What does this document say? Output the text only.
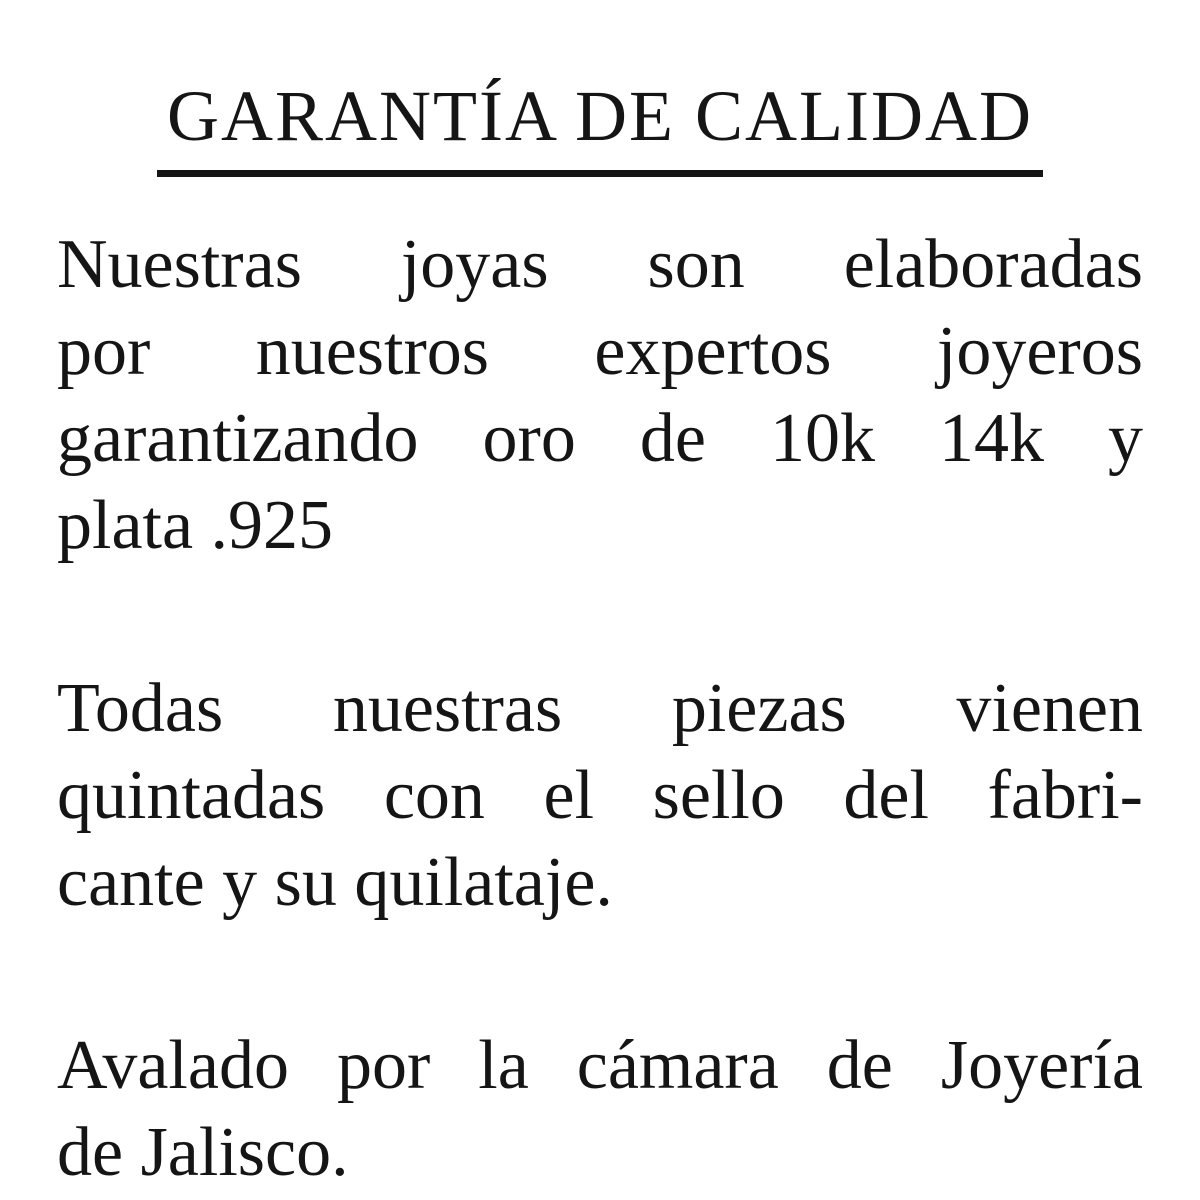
GARANTÍA DE CALIDAD
Nuestras joyas son elaboradas
por nuestros expertos joyeros
garantizando oro de 10k 14k y
plata .925
Todas nuestras piezas vienen
quintadas con el sello del fabri-
cante y su quilataje.
Avalado por la cámara de Joyería
de Jalisco.
